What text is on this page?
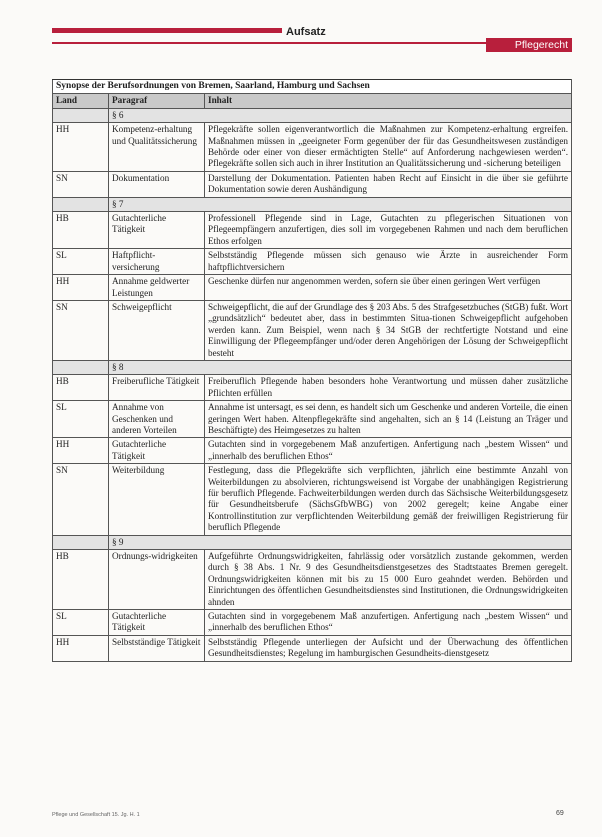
Aufsatz
Pflegerecht
Synopse der Berufsordnungen von Bremen, Saarland, Hamburg und Sachsen		
Land	Paragraf	Inhalt
	§ 6	
HH	Kompetenz-erhaltung und Qualitätssicherung	Pflegekräfte sollen eigenverantwortlich die Maßnahmen zur Kompetenz-erhaltung ergreifen. Maßnahmen müssen in „geeigneter Form gegenüber der für das Gesundheitswesen zuständigen Behörde oder einer von dieser ermächtigten Stelle“ auf Anforderung nachgewiesen werden“. Pflegekräfte sollen sich auch in ihrer Institution an Qualitätssicherung und -sicherung beteiligen
SN	Dokumentation	Darstellung der Dokumentation. Patienten haben Recht auf Einsicht in die über sie geführte Dokumentation sowie deren Aushändigung
	§ 7	
HB	Gutachterliche Tätigkeit	Professionell Pflegende sind in Lage, Gutachten zu pflegerischen Situationen von Pflegeempfängern anzufertigen, dies soll im vorgegebenen Rahmen und nach dem beruflichen Ethos erfolgen
SL	Haftpflicht-versicherung	Selbstständig Pflegende müssen sich genauso wie Ärzte in ausreichender Form haftpflichtversichern
HH	Annahme geldwerter Leistungen	Geschenke dürfen nur angenommen werden, sofern sie über einen geringen Wert verfügen
SN	Schweigepflicht	Schweigepflicht, die auf der Grundlage des § 203 Abs. 5 des Strafgesetzbuches (StGB) fußt. Wort „grundsätzlich“ bedeutet aber, dass in bestimmten Situa-tionen Schweigepflicht aufgehoben werden kann. Zum Beispiel, wenn nach § 34 StGB der rechtfertigte Notstand und eine Einwilligung der Pflegeempfänger und/oder deren Angehörigen der Lösung der Schweigepflicht besteht
	§ 8	
HB	Freiberufliche Tätigkeit	Freiberuflich Pflegende haben besonders hohe Verantwortung und müssen daher zusätzliche Pflichten erfüllen
SL	Annahme von Geschenken und anderen Vorteilen	Annahme ist untersagt, es sei denn, es handelt sich um Geschenke und anderen Vorteile, die einen geringen Wert haben. Altenpflegekräfte sind angehalten, sich an § 14 (Leistung an Träger und Beschäftigte) des Heimgesetzes zu halten
HH	Gutachterliche Tätigkeit	Gutachten sind in vorgegebenem Maß anzufertigen. Anfertigung nach „bestem Wissen“ und „innerhalb des beruflichen Ethos“
SN	Weiterbildung	Festlegung, dass die Pflegekräfte sich verpflichten, jährlich eine bestimmte Anzahl von Weiterbildungen zu absolvieren, richtungsweisend ist Vorgabe der unabhängigen Registrierung für beruflich Pflegende. Fachweiterbildungen werden durch das Sächsische Weiterbildungsgesetz für Gesundheitsberufe (SächsGfbWBG) von 2002 geregelt; keine Angabe einer Kontrollinstitution zur verpflichtenden Weiterbildung gemäß der freiwilligen Registrierung für beruflich Pflegende
	§ 9	
HB	Ordnungs-widrigkeiten	Aufgeführte Ordnungswidrigkeiten, fahrlässig oder vorsätzlich zustande gekommen, werden durch § 38 Abs. 1 Nr. 9 des Gesundheitsdienstgesetzes des Stadtstaates Bremen geregelt. Ordnungswidrigkeiten können mit bis zu 15 000 Euro geahndet werden. Behörden und Einrichtungen des öffentlichen Gesundheitsdienstes sind Institutionen, die Ordnungswidrigkeiten ahnden
SL	Gutachterliche Tätigkeit	Gutachten sind in vorgegebenem Maß anzufertigen. Anfertigung nach „bestem Wissen“ und „innerhalb des beruflichen Ethos“
HH	Selbstständige Tätigkeit	Selbstständig Pflegende unterliegen der Aufsicht und der Überwachung des öffentlichen Gesundheitsdienstes; Regelung im hamburgischen Gesundheits-dienstgesetz
Pflege und Gesellschaft 15. Jg. H. 1	69
